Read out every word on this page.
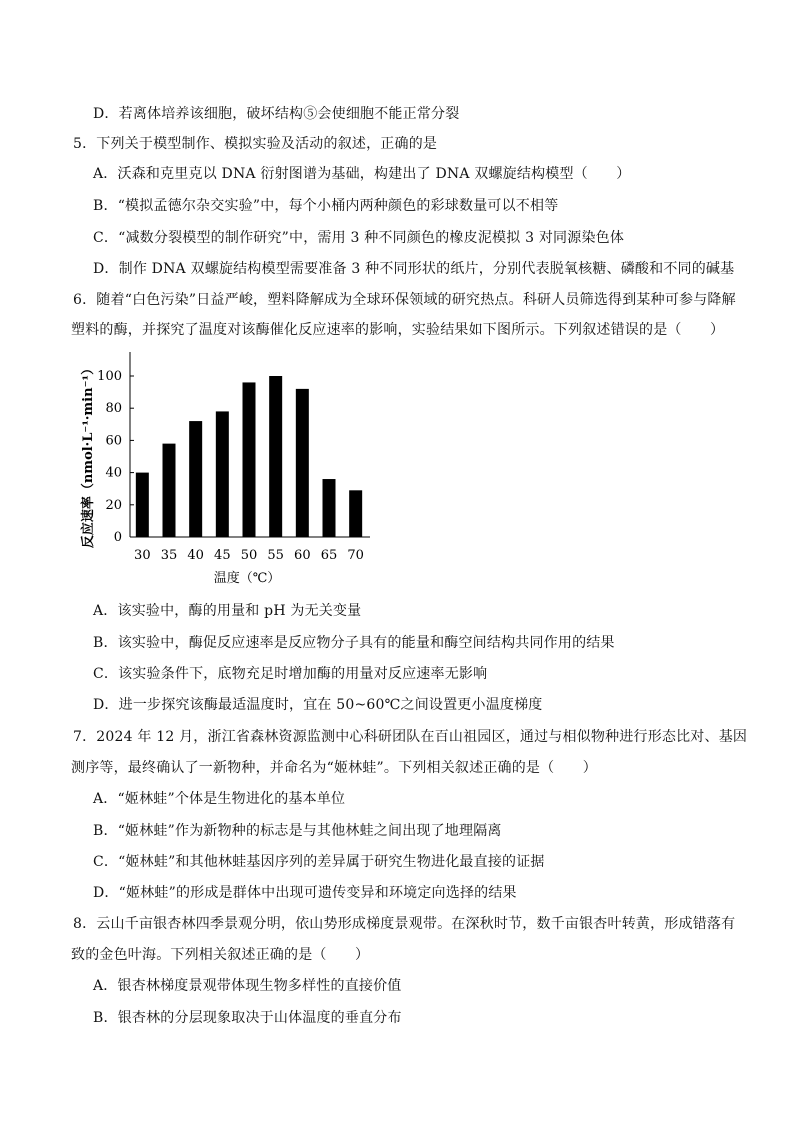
D．若离体培养该细胞，破坏结构⑤会使细胞不能正常分裂
5．下列关于模型制作、模拟实验及活动的叙述，正确的是
A．沃森和克里克以 DNA 衍射图谱为基础，构建出了 DNA 双螺旋结构模型（　　）
B．“模拟孟德尔杂交实验”中，每个小桶内两种颜色的彩球数量可以不相等
C．“减数分裂模型的制作研究”中，需用 3 种不同颜色的橡皮泥模拟 3 对同源染色体
D．制作 DNA 双螺旋结构模型需要准备 3 种不同形状的纸片，分别代表脱氧核糖、磷酸和不同的碱基
6．随着“白色污染”日益严峻，塑料降解成为全球环保领域的研究热点。科研人员筛选得到某种可参与降解
塑料的酶，并探究了温度对该酶催化反应速率的影响，实验结果如下图所示。下列叙述错误的是（　　）
0
20
40
60
80
100
30 35 40 45 50 55 60 65 70
反应速率（nmol·L⁻¹·min⁻¹）
温度（℃）
A．该实验中，酶的用量和 pH 为无关变量
B．该实验中，酶促反应速率是反应物分子具有的能量和酶空间结构共同作用的结果
C．该实验条件下，底物充足时增加酶的用量对反应速率无影响
D．进一步探究该酶最适温度时，宜在 50~60℃之间设置更小温度梯度
7．2024 年 12 月，浙江省森林资源监测中心科研团队在百山祖园区，通过与相似物种进行形态比对、基因
测序等，最终确认了一新物种，并命名为“姬林蛙”。下列相关叙述正确的是（　　）
A．“姬林蛙”个体是生物进化的基本单位
B．“姬林蛙”作为新物种的标志是与其他林蛙之间出现了地理隔离
C．“姬林蛙”和其他林蛙基因序列的差异属于研究生物进化最直接的证据
D．“姬林蛙”的形成是群体中出现可遗传变异和环境定向选择的结果
8．云山千亩银杏林四季景观分明，依山势形成梯度景观带。在深秋时节，数千亩银杏叶转黄，形成错落有
致的金色叶海。下列相关叙述正确的是（　　）
A．银杏林梯度景观带体现生物多样性的直接价值
B．银杏林的分层现象取决于山体温度的垂直分布
